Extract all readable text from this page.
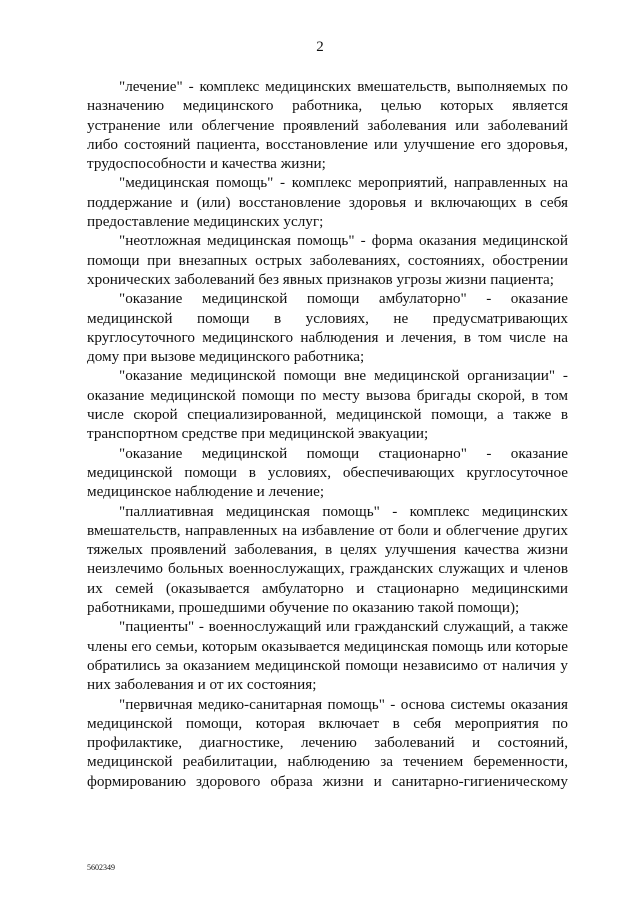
2

"лечение" - комплекс медицинских вмешательств, выполняемых по
назначению медицинского работника, целью которых является устранение или облегчение проявлений заболевания или заболеваний либо состояний пациента, восстановление или улучшение его здоровья, трудоспособности и качества жизни;

"медицинская помощь" - комплекс мероприятий, направленных на
поддержание и (или) восстановление здоровья и включающих в себя предоставление медицинских услуг;

"неотложная медицинская помощь" - форма оказания медицинской
помощи при внезапных острых заболеваниях, состояниях, обострении хронических заболеваний без явных признаков угрозы жизни пациента;

"оказание медицинской помощи амбулаторно" - оказание
медицинской помощи в условиях, не предусматривающих круглосуточного медицинского наблюдения и лечения, в том числе на дому при вызове медицинского работника;

"оказание медицинской помощи вне медицинской организации" -
оказание медицинской помощи по месту вызова бригады скорой, в том числе скорой специализированной, медицинской помощи, а также в транспортном средстве при медицинской эвакуации;

"оказание медицинской помощи стационарно" - оказание
медицинской помощи в условиях, обеспечивающих круглосуточное медицинское наблюдение и лечение;

"паллиативная медицинская помощь" - комплекс медицинских
вмешательств, направленных на избавление от боли и облегчение других тяжелых проявлений заболевания, в целях улучшения качества жизни неизлечимо больных военнослужащих, гражданских служащих и членов их семей (оказывается амбулаторно и стационарно медицинскими работниками, прошедшими обучение по оказанию такой помощи);

"пациенты" - военнослужащий или гражданский служащий, а также
члены его семьи, которым оказывается медицинская помощь или которые обратились за оказанием медицинской помощи независимо от наличия у них заболевания и от их состояния;

"первичная медико-санитарная помощь" - основа системы оказания
медицинской помощи, которая включает в себя мероприятия по профилактике, диагностике, лечению заболеваний и состояний, медицинской реабилитации, наблюдению за течением беременности, формированию здорового образа жизни и санитарно-гигиеническому

5602349
